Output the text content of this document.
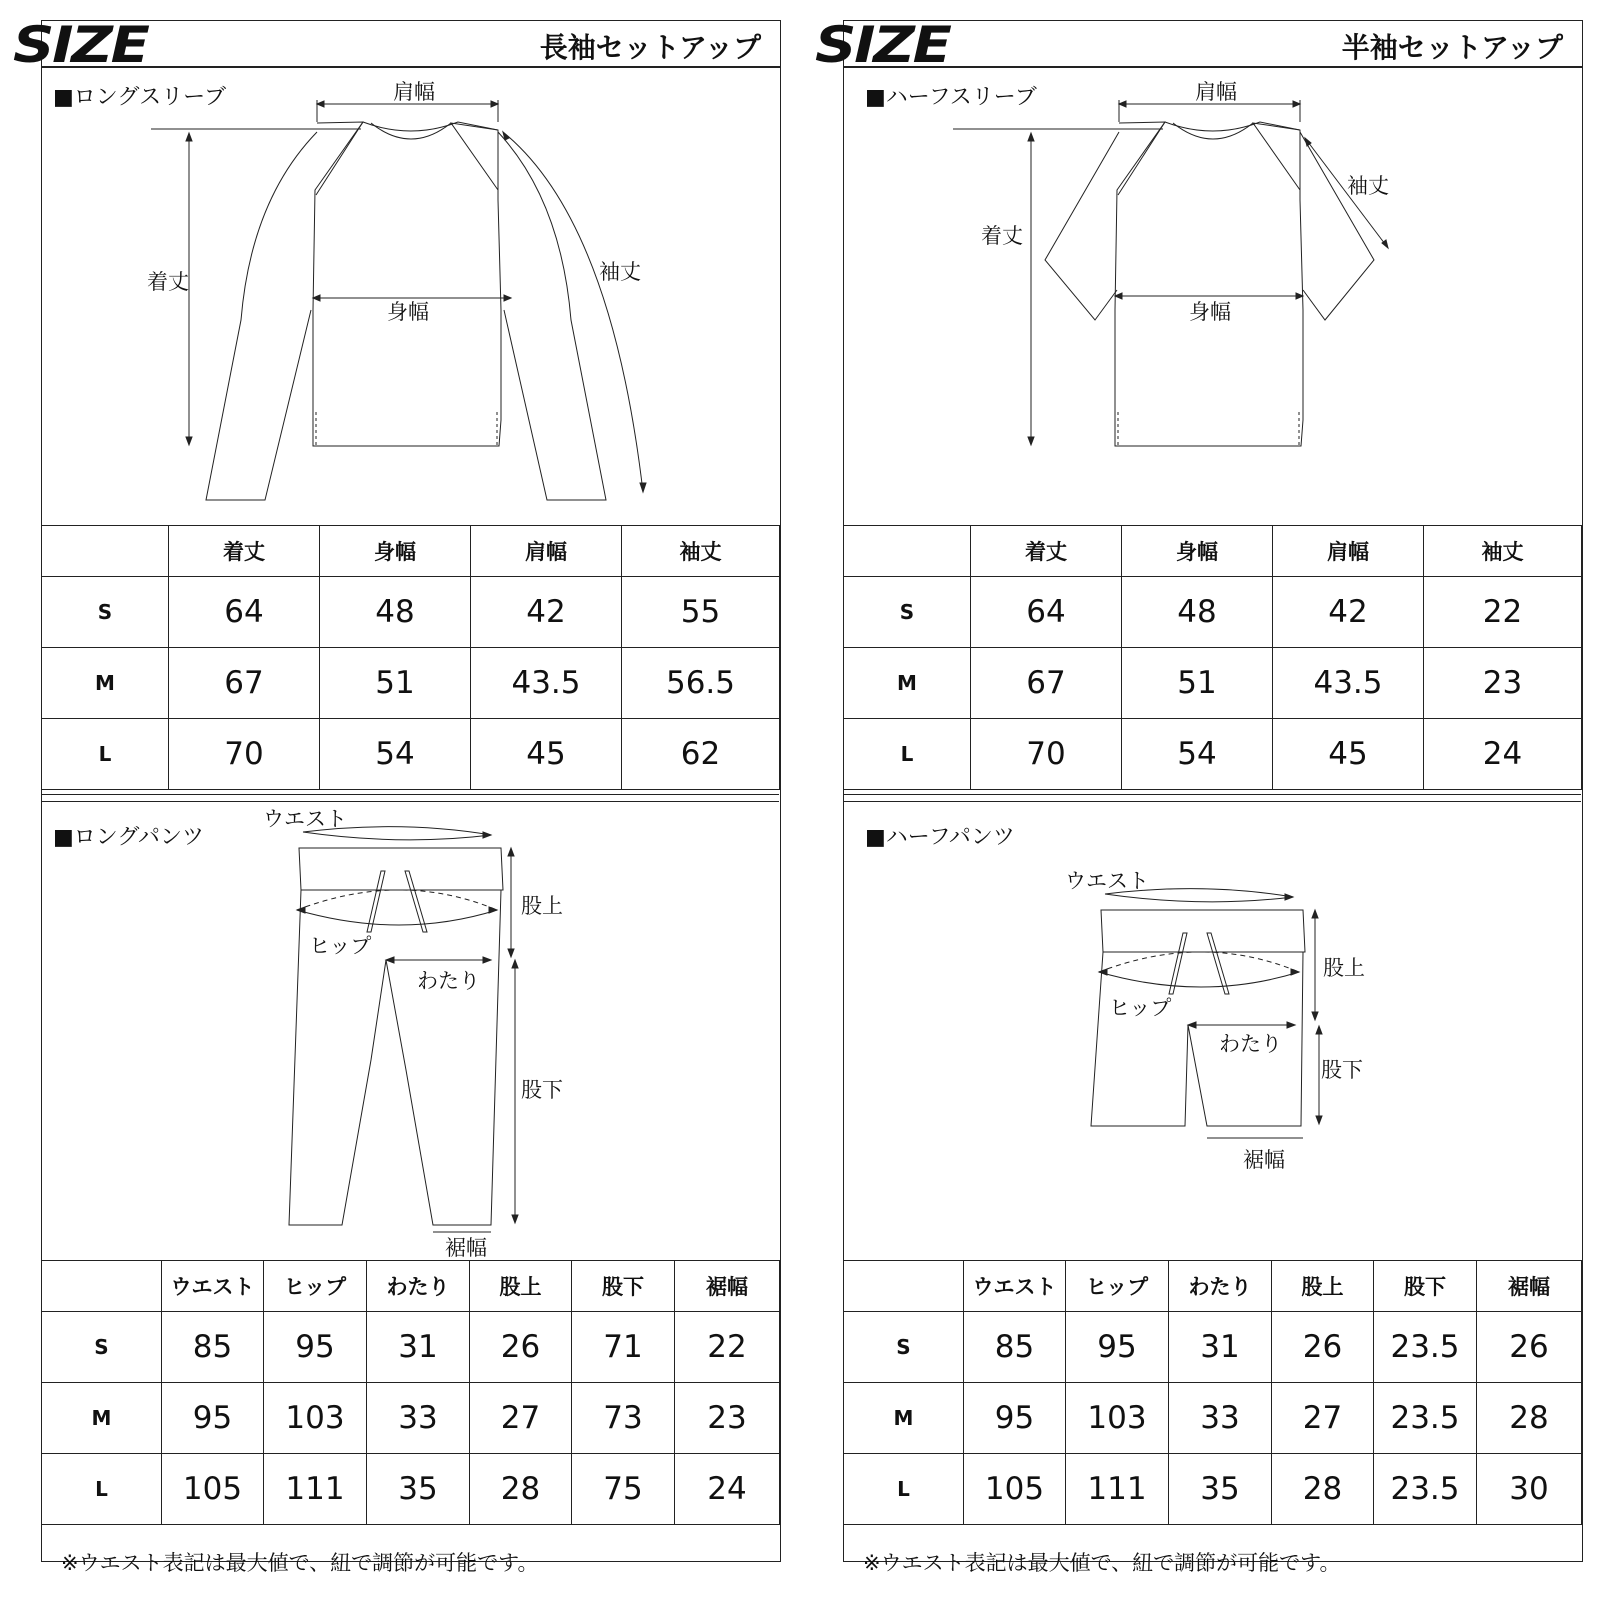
SIZE	長袖セットアップ
■ロングスリーブ	肩幅
着丈
身幅
袖丈
	着丈	身幅	肩幅	袖丈
S	64	48	42	55
M	67	51	43.5	56.5
L	70	54	45	62
■ロングパンツ
ウエスト
ヒップ
わたり
股上
股下
裾幅
	ウエスト	ヒップ	わたり	股上	股下	裾幅
S	85	95	31	26	71	22
M	95	103	33	27	73	23
L	105	111	35	28	75	24
※ウエスト表記は最大値で、紐で調節が可能です。
SIZE	半袖セットアップ
■ハーフスリーブ	肩幅
着丈
身幅
袖丈
	着丈	身幅	肩幅	袖丈
S	64	48	42	22
M	67	51	43.5	23
L	70	54	45	24
■ハーフパンツ
ウエスト
ヒップ
わたり
股上
股下
裾幅
	ウエスト	ヒップ	わたり	股上	股下	裾幅
S	85	95	31	26	23.5	26
M	95	103	33	27	23.5	28
L	105	111	35	28	23.5	30
※ウエスト表記は最大値で、紐で調節が可能です。
